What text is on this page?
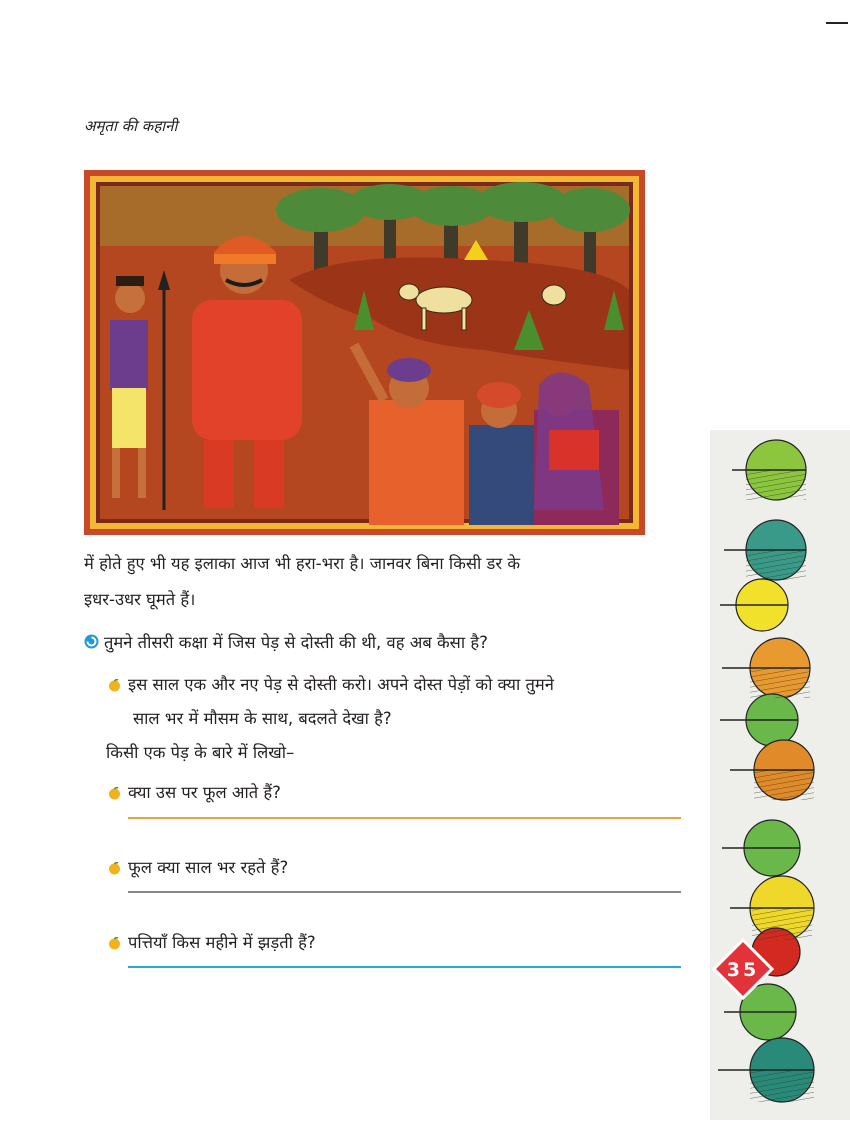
अमृता की कहानी
में होते हुए भी यह इलाका आज भी हरा-भरा है। जानवर बिना किसी डर के
इधर-उधर घूमते हैं।
तुमने तीसरी कक्षा में जिस पेड़ से दोस्ती की थी, वह अब कैसा है?
इस साल एक और नए पेड़ से दोस्ती करो। अपने दोस्त पेड़ों को क्या तुमने
साल भर में मौसम के साथ, बदलते देखा है?
किसी एक पेड़ के बारे में लिखो–
क्या उस पर फूल आते हैं?
फूल क्या साल भर रहते हैं?
पत्तियाँ किस महीने में झड़ती हैं?
35
